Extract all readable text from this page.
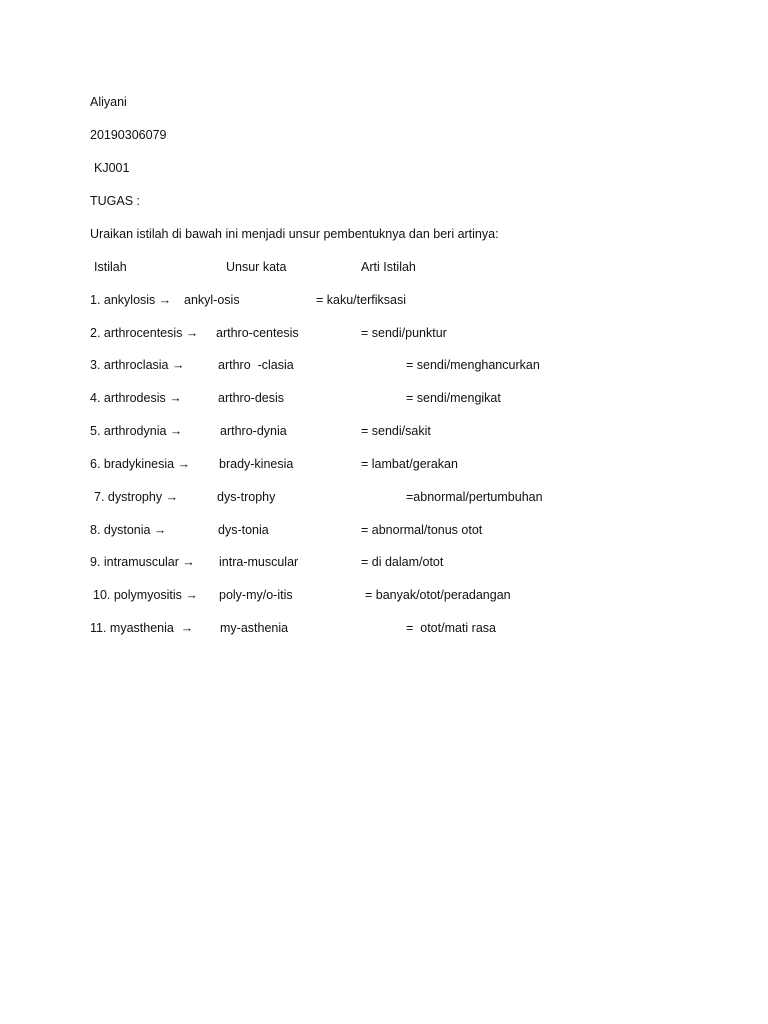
Aliyani
20190306079
KJ001
TUGAS :
Uraikan istilah di bawah ini menjadi unsur pembentuknya dan beri artinya:
Istilah	Unsur kata	Arti Istilah
1. ankylosis → ankyl-osis	= kaku/terfiksasi
2. arthrocentesis → arthro-centesis	= sendi/punktur
3. arthroclasia →	arthro  -clasia	= sendi/menghancurkan
4. arthrodesis →	arthro-desis	= sendi/mengikat
5. arthrodynia →	arthro-dynia	= sendi/sakit
6. bradykinesia → brady-kinesia	= lambat/gerakan
7. dystrophy →	dys-trophy	=abnormal/pertumbuhan
8. dystonia →	dys-tonia	= abnormal/tonus otot
9. intramuscular → intra-muscular	= di dalam/otot
10. polymyositis → poly-my/o-itis	= banyak/otot/peradangan
11. myasthenia  → my-asthenia	=  otot/mati rasa
